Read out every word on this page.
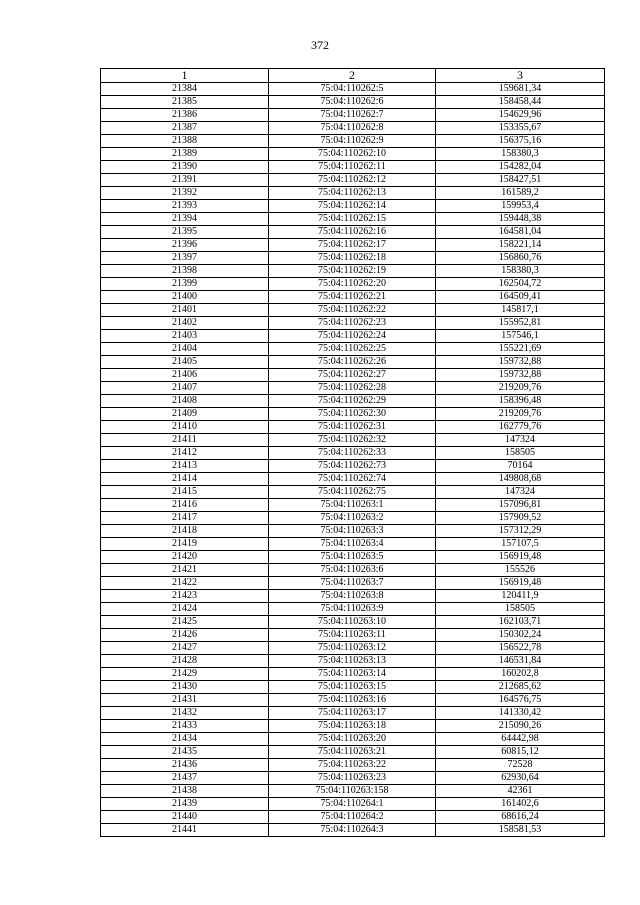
372
1	2	3
21384	75:04:110262:5	159681,34
21385	75:04:110262:6	158458,44
21386	75:04:110262:7	154629,96
21387	75:04:110262:8	153355,67
21388	75:04:110262:9	156375,16
21389	75:04:110262:10	158380,3
21390	75:04:110262:11	154282,04
21391	75:04:110262:12	158427,51
21392	75:04:110262:13	161589,2
21393	75:04:110262:14	159953,4
21394	75:04:110262:15	159448,38
21395	75:04:110262:16	164581,04
21396	75:04:110262:17	158221,14
21397	75:04:110262:18	156860,76
21398	75:04:110262:19	158380,3
21399	75:04:110262:20	162504,72
21400	75:04:110262:21	164509,41
21401	75:04:110262:22	145817,1
21402	75:04:110262:23	155952,81
21403	75:04:110262:24	157546,1
21404	75:04:110262:25	155221,69
21405	75:04:110262:26	159732,88
21406	75:04:110262:27	159732,88
21407	75:04:110262:28	219209,76
21408	75:04:110262:29	158396,48
21409	75:04:110262:30	219209,76
21410	75:04:110262:31	162779,76
21411	75:04:110262:32	147324
21412	75:04:110262:33	158505
21413	75:04:110262:73	70164
21414	75:04:110262:74	149808,68
21415	75:04:110262:75	147324
21416	75:04:110263:1	157096,81
21417	75:04:110263:2	157909,52
21418	75:04:110263:3	157312,29
21419	75:04:110263:4	157107,5
21420	75:04:110263:5	156919,48
21421	75:04:110263:6	155526
21422	75:04:110263:7	156919,48
21423	75:04:110263:8	120411,9
21424	75:04:110263:9	158505
21425	75:04:110263:10	162103,71
21426	75:04:110263:11	150302,24
21427	75:04:110263:12	156522,78
21428	75:04:110263:13	146531,84
21429	75:04:110263:14	160202,8
21430	75:04:110263:15	212685,62
21431	75:04:110263:16	164576,75
21432	75:04:110263:17	141330,42
21433	75:04:110263:18	215090,26
21434	75:04:110263:20	64442,98
21435	75:04:110263:21	60815,12
21436	75:04:110263:22	72528
21437	75:04:110263:23	62930,64
21438	75:04:110263:158	42361
21439	75:04:110264:1	161402,6
21440	75:04:110264:2	68616,24
21441	75:04:110264:3	158581,53
